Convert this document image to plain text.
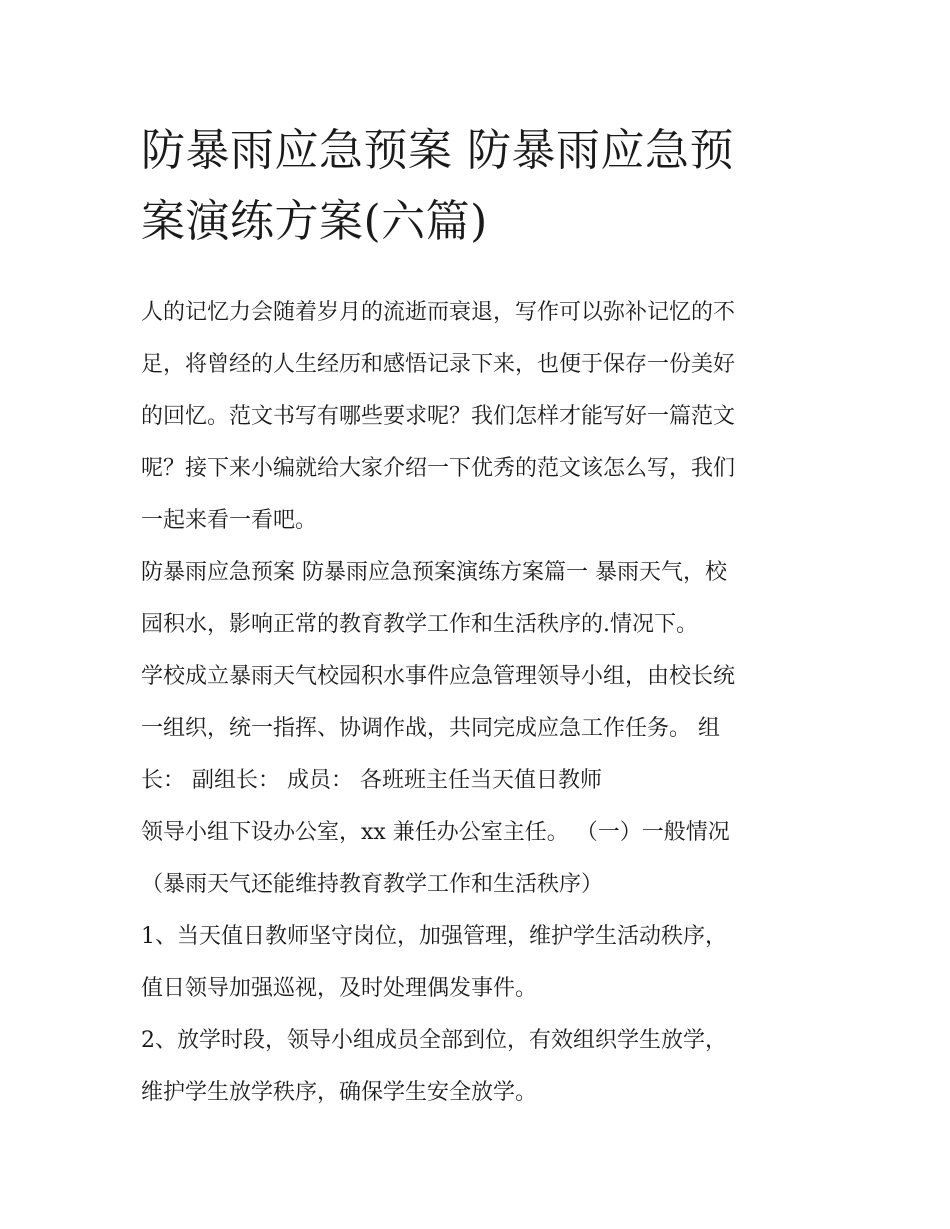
防暴雨应急预案 防暴雨应急预
案演练方案(六篇)

人的记忆力会随着岁月的流逝而衰退，写作可以弥补记忆的不
足，将曾经的人生经历和感悟记录下来，也便于保存一份美好
的回忆。范文书写有哪些要求呢？我们怎样才能写好一篇范文
呢？接下来小编就给大家介绍一下优秀的范文该怎么写，我们
一起来看一看吧。

防暴雨应急预案 防暴雨应急预案演练方案篇一 暴雨天气，校
园积水，影响正常的教育教学工作和生活秩序的.情况下。

学校成立暴雨天气校园积水事件应急管理领导小组，由校长统
一组织，统一指挥、协调作战，共同完成应急工作任务。 组
长： 副组长： 成员： 各班班主任当天值日教师

领导小组下设办公室，xx 兼任办公室主任。 （一）一般情况
（暴雨天气还能维持教育教学工作和生活秩序）

1、当天值日教师坚守岗位，加强管理，维护学生活动秩序，
值日领导加强巡视，及时处理偶发事件。

2、放学时段，领导小组成员全部到位，有效组织学生放学，
维护学生放学秩序，确保学生安全放学。
